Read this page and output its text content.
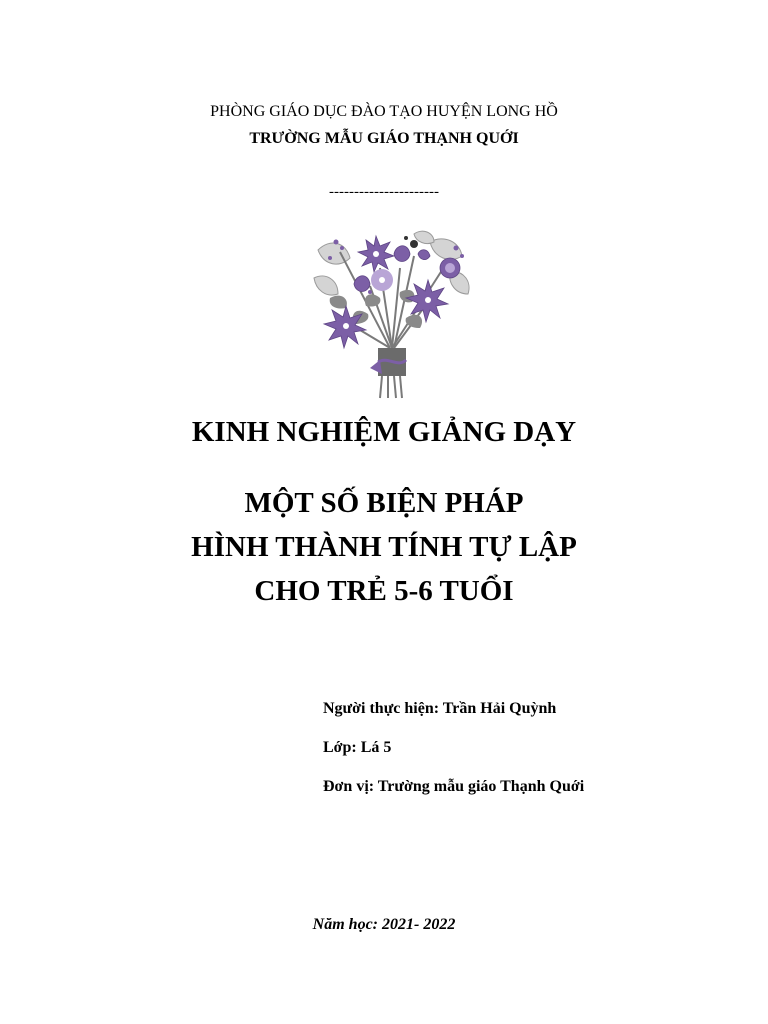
PHÒNG GIÁO DỤC ĐÀO TẠO HUYỆN LONG HỒ
TRƯỜNG MẪU GIÁO THẠNH QUỚI
----------------------
KINH NGHIỆM GIẢNG DẠY
MỘT SỐ BIỆN PHÁP
HÌNH THÀNH TÍNH TỰ LẬP
CHO TRẺ 5-6 TUỔI
Người thực hiện: Trần Hải Quỳnh
Lớp: Lá 5
Đơn vị: Trường mẫu giáo Thạnh Quới
Năm học: 2021- 2022
